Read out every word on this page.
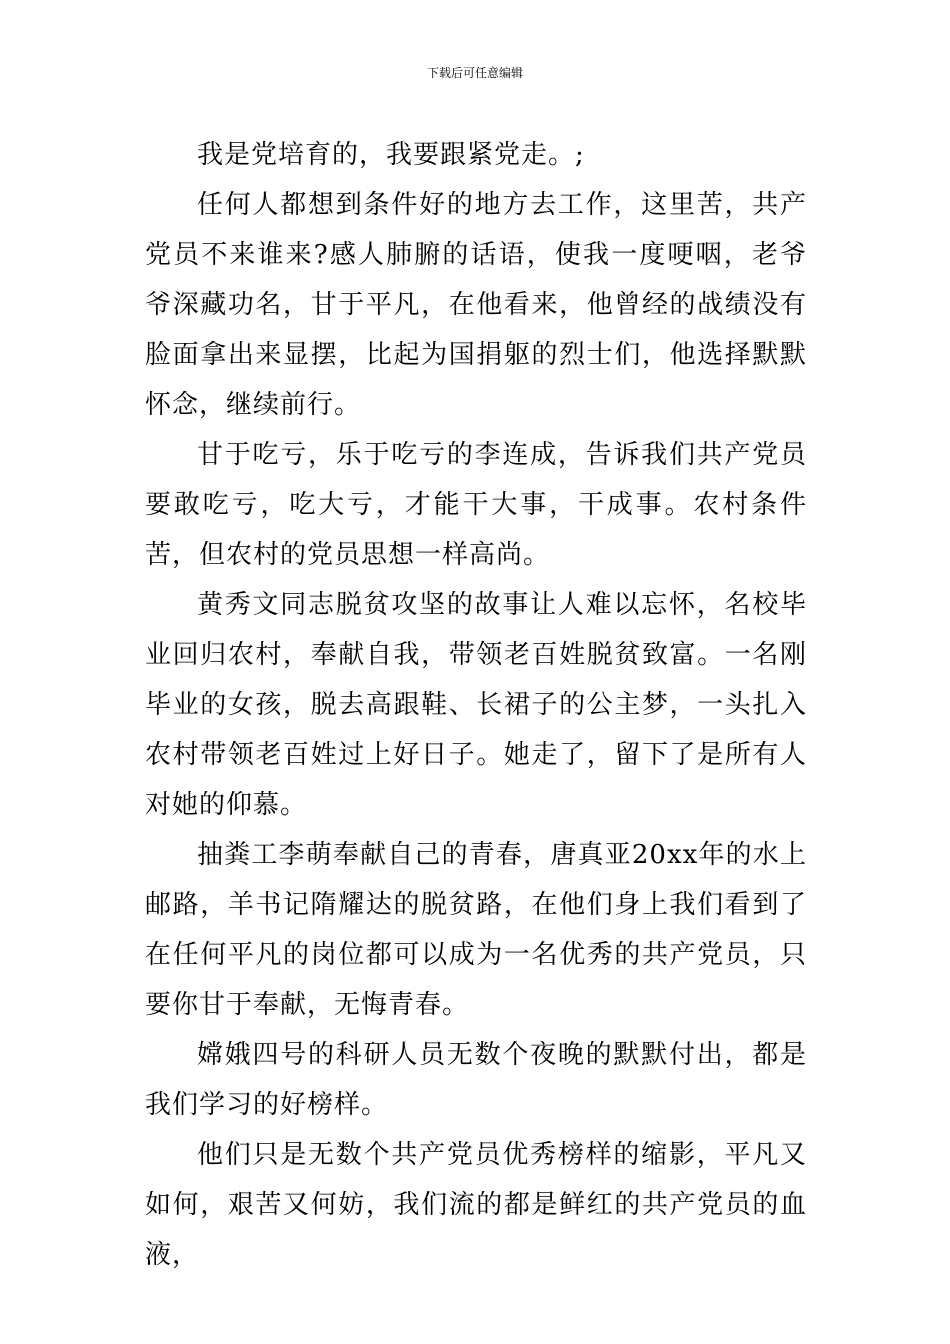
下载后可任意编辑

我是党培育的，我要跟紧党走。;

任何人都想到条件好的地方去工作，这里苦，共产党员不来谁来?感人肺腑的话语，使我一度哽咽，老爷爷深藏功名，甘于平凡，在他看来，他曾经的战绩没有脸面拿出来显摆，比起为国捐躯的烈士们，他选择默默怀念，继续前行。

甘于吃亏，乐于吃亏的李连成，告诉我们共产党员要敢吃亏，吃大亏，才能干大事，干成事。农村条件苦，但农村的党员思想一样高尚。

黄秀文同志脱贫攻坚的故事让人难以忘怀，名校毕业回归农村，奉献自我，带领老百姓脱贫致富。一名刚毕业的女孩，脱去高跟鞋、长裙子的公主梦，一头扎入农村带领老百姓过上好日子。她走了，留下了是所有人对她的仰慕。

抽粪工李萌奉献自己的青春，唐真亚20xx年的水上邮路，羊书记隋耀达的脱贫路，在他们身上我们看到了在任何平凡的岗位都可以成为一名优秀的共产党员，只要你甘于奉献，无悔青春。

嫦娥四号的科研人员无数个夜晚的默默付出，都是我们学习的好榜样。

他们只是无数个共产党员优秀榜样的缩影，平凡又如何，艰苦又何妨，我们流的都是鲜红的共产党员的血液，
